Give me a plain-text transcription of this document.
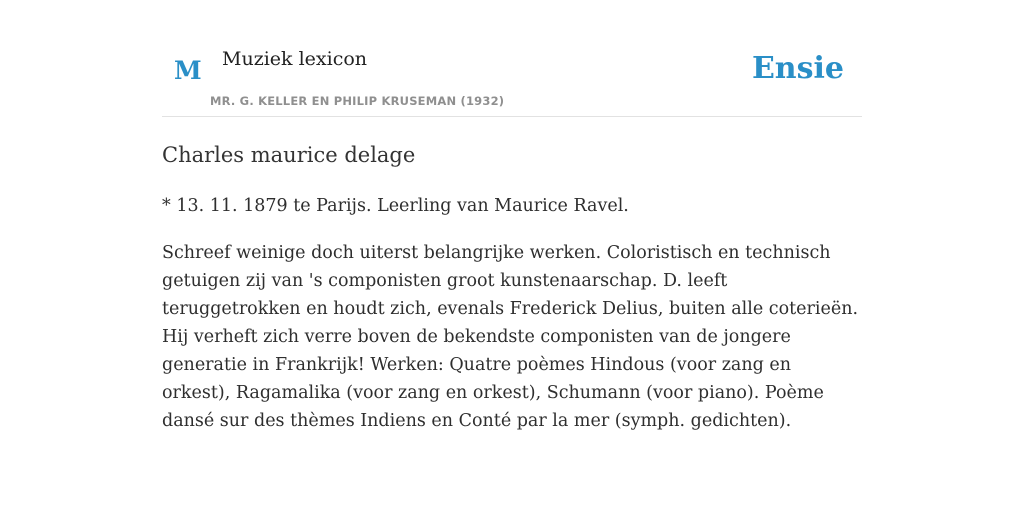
M Muziek lexicon
MR. G. KELLER EN PHILIP KRUSEMAN (1932)
Ensie
Charles maurice delage

* 13. 11. 1879 te Parijs. Leerling van Maurice Ravel.

Schreef weinige doch uiterst belangrijke werken. Coloristisch en technisch getuigen zij van 's componisten groot kunstenaarschap. D. leeft teruggetrokken en houdt zich, evenals Frederick Delius, buiten alle coterieën. Hij verheft zich verre boven de bekendste componisten van de jongere generatie in Frankrijk! Werken: Quatre poèmes Hindous (voor zang en orkest), Ragamalika (voor zang en orkest), Schumann (voor piano). Poème dansé sur des thèmes Indiens en Conté par la mer (symph. gedichten).
